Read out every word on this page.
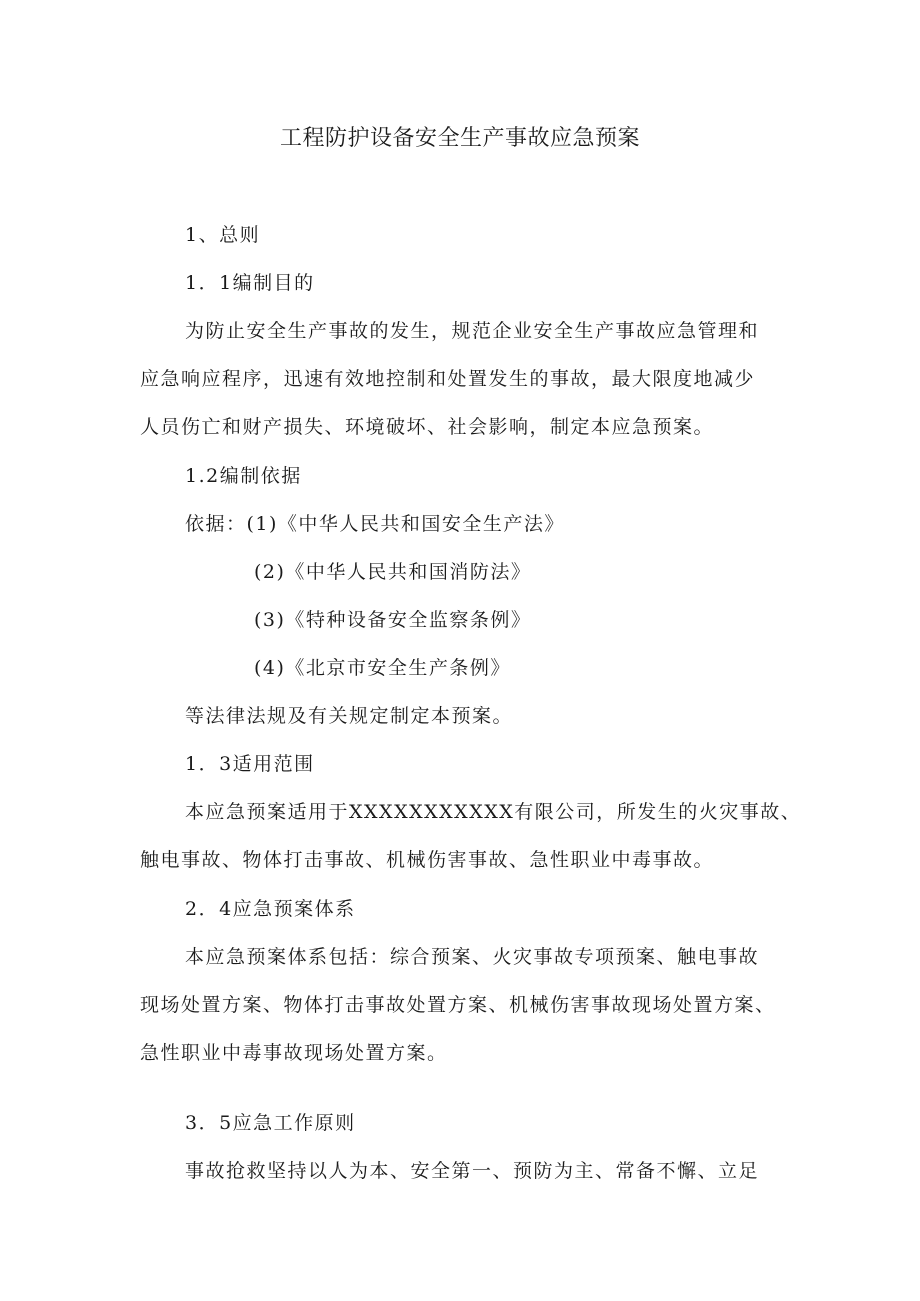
工程防护设备安全生产事故应急预案
1、总则
1．1编制目的
为防止安全生产事故的发生，规范企业安全生产事故应急管理和
应急响应程序，迅速有效地控制和处置发生的事故，最大限度地减少
人员伤亡和财产损失、环境破坏、社会影响，制定本应急预案。
1.2编制依据
依据：(1)《中华人民共和国安全生产法》
(2)《中华人民共和国消防法》
(3)《特种设备安全监察条例》
(4)《北京市安全生产条例》
等法律法规及有关规定制定本预案。
1．3适用范围
本应急预案适用于XXXXXXXXXXX有限公司，所发生的火灾事故、
触电事故、物体打击事故、机械伤害事故、急性职业中毒事故。
2．4应急预案体系
本应急预案体系包括：综合预案、火灾事故专项预案、触电事故
现场处置方案、物体打击事故处置方案、机械伤害事故现场处置方案、
急性职业中毒事故现场处置方案。
3．5应急工作原则
事故抢救坚持以人为本、安全第一、预防为主、常备不懈、立足
